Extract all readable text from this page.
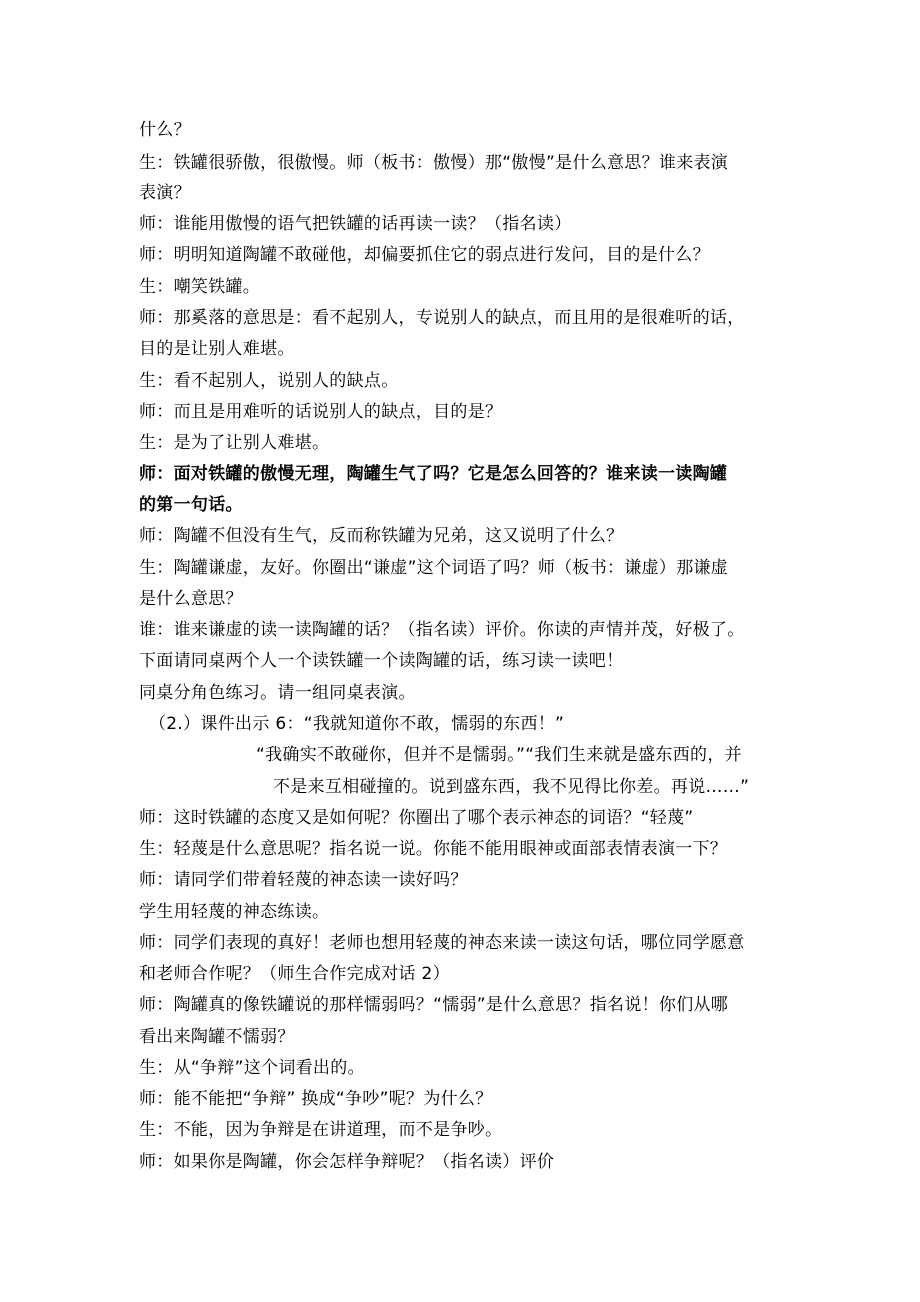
什么？
生：铁罐很骄傲，很傲慢。师（板书：傲慢）那“傲慢”是什么意思？谁来表演
表演？
师：谁能用傲慢的语气把铁罐的话再读一读？（指名读）
师：明明知道陶罐不敢碰他，却偏要抓住它的弱点进行发问，目的是什么？
生：嘲笑铁罐。
师：那奚落的意思是：看不起别人，专说别人的缺点，而且用的是很难听的话，
目的是让别人难堪。
生：看不起别人，说别人的缺点。
师：而且是用难听的话说别人的缺点，目的是？
生：是为了让别人难堪。
师：面对铁罐的傲慢无理，陶罐生气了吗？它是怎么回答的？谁来读一读陶罐
的第一句话。
师：陶罐不但没有生气，反而称铁罐为兄弟，这又说明了什么？
生：陶罐谦虚，友好。你圈出“谦虚”这个词语了吗？师（板书：谦虚）那谦虚
是什么意思？
谁：谁来谦虚的读一读陶罐的话？（指名读）评价。你读的声情并茂，好极了。
下面请同桌两个人一个读铁罐一个读陶罐的话，练习读一读吧！
同桌分角色练习。请一组同桌表演。
（2.）课件出示 6：“我就知道你不敢，懦弱的东西！”
“我确实不敢碰你，但并不是懦弱。”“我们生来就是盛东西的，并
不是来互相碰撞的。说到盛东西，我不见得比你差。再说……”
师：这时铁罐的态度又是如何呢？你圈出了哪个表示神态的词语？“轻蔑”
生：轻蔑是什么意思呢？指名说一说。你能不能用眼神或面部表情表演一下？
师：请同学们带着轻蔑的神态读一读好吗？
学生用轻蔑的神态练读。
师：同学们表现的真好！老师也想用轻蔑的神态来读一读这句话，哪位同学愿意
和老师合作呢？（师生合作完成对话 2）
师：陶罐真的像铁罐说的那样懦弱吗？“懦弱”是什么意思？指名说！你们从哪
看出来陶罐不懦弱？
生：从“争辩”这个词看出的。
师：能不能把“争辩” 换成“争吵”呢？为什么？
生：不能，因为争辩是在讲道理，而不是争吵。
师：如果你是陶罐，你会怎样争辩呢？（指名读）评价
